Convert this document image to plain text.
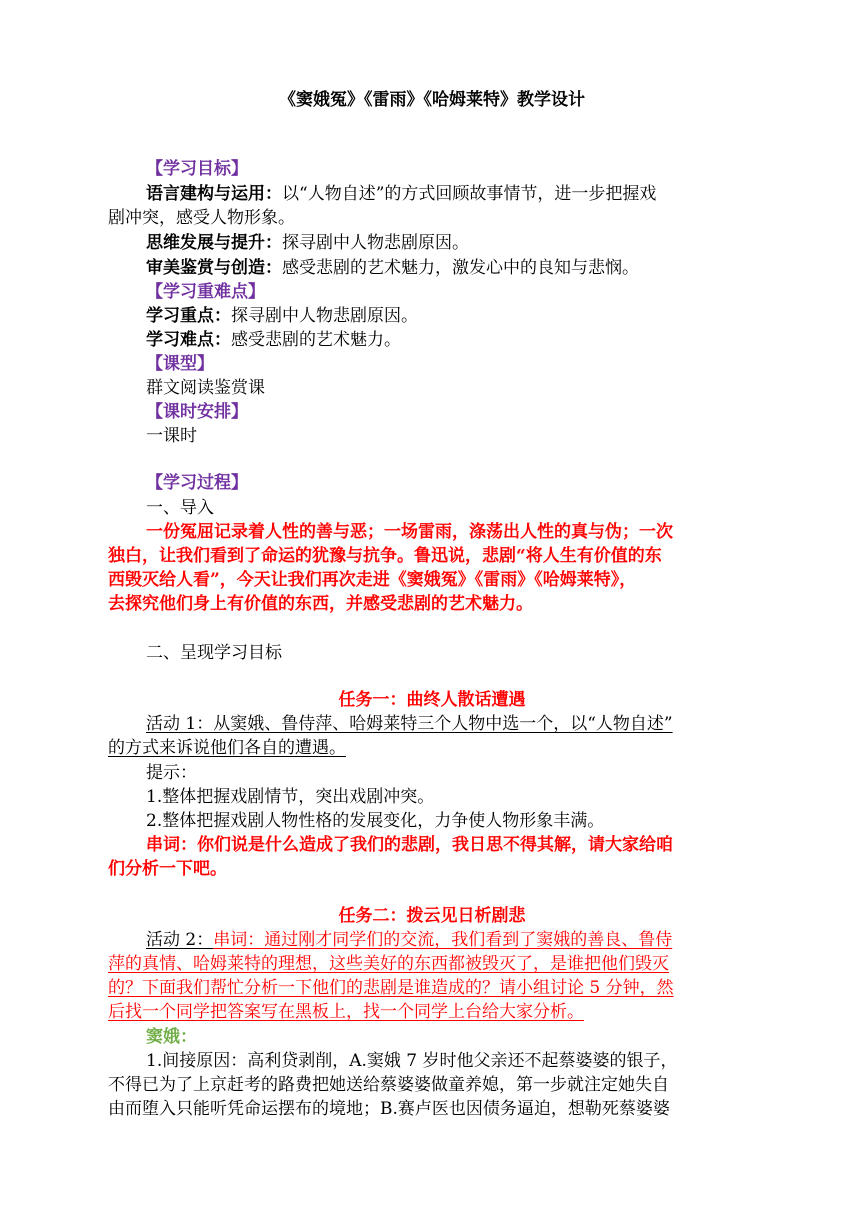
《窦娥冤》《雷雨》《哈姆莱特》教学设计
【学习目标】
语言建构与运用：以“人物自述”的方式回顾故事情节，进一步把握戏
剧冲突，感受人物形象。
思维发展与提升：探寻剧中人物悲剧原因。
审美鉴赏与创造：感受悲剧的艺术魅力，激发心中的良知与悲悯。
【学习重难点】
学习重点：探寻剧中人物悲剧原因。
学习难点：感受悲剧的艺术魅力。
【课型】
群文阅读鉴赏课
【课时安排】
一课时
【学习过程】
一、导入
一份冤屈记录着人性的善与恶；一场雷雨，涤荡出人性的真与伪；一次
独白，让我们看到了命运的犹豫与抗争。鲁迅说，悲剧“将人生有价值的东
西毁灭给人看”，今天让我们再次走进《窦娥冤》《雷雨》《哈姆莱特》，
去探究他们身上有价值的东西，并感受悲剧的艺术魅力。
二、呈现学习目标
任务一：曲终人散话遭遇
活动 1：从窦娥、鲁侍萍、哈姆莱特三个人物中选一个，以“人物自述”
的方式来诉说他们各自的遭遇。
提示：
1.整体把握戏剧情节，突出戏剧冲突。
2.整体把握戏剧人物性格的发展变化，力争使人物形象丰满。
串词：你们说是什么造成了我们的悲剧，我日思不得其解，请大家给咱
们分析一下吧。
任务二：拨云见日析剧悲
活动 2：串词：通过刚才同学们的交流，我们看到了窦娥的善良、鲁侍
萍的真情、哈姆莱特的理想，这些美好的东西都被毁灭了，是谁把他们毁灭
的？下面我们帮忙分析一下他们的悲剧是谁造成的？请小组讨论 5 分钟，然
后找一个同学把答案写在黑板上，找一个同学上台给大家分析。
窦娥：
1.间接原因：高利贷剥削，A.窦娥 7 岁时他父亲还不起蔡婆婆的银子，
不得已为了上京赶考的路费把她送给蔡婆婆做童养媳，第一步就注定她失自
由而堕入只能听凭命运摆布的境地；B.赛卢医也因债务逼迫，想勒死蔡婆婆
